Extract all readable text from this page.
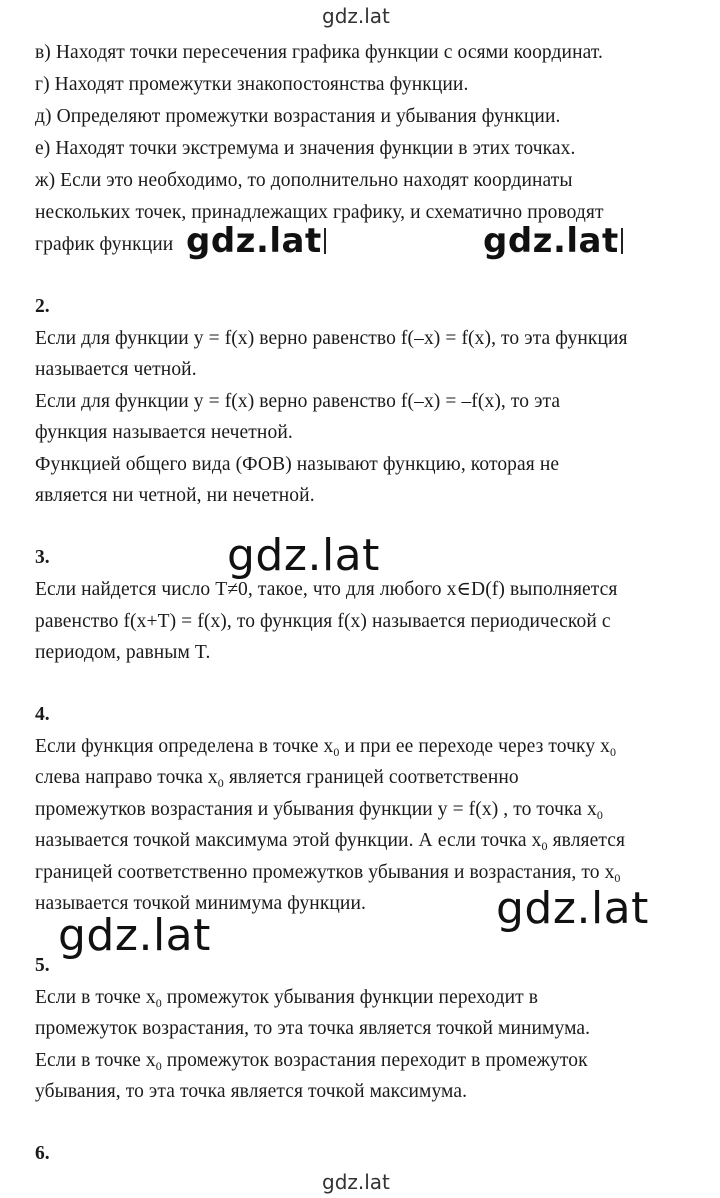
gdz.lat
в) Находят точки пересечения графика функции с осями координат.
г) Находят промежутки знакопостоянства функции.
д) Определяют промежутки возрастания и убывания функции.
е) Находят точки экстремума и значения функции в этих точках.
ж) Если это необходимо, то дополнительно находят координаты
нескольких точек, принадлежащих графику, и схематично проводят
график функции gdz.lat	gdz.lat
2.
Если для функции y = f(x) верно равенство f(–x) = f(x), то эта функция
называется четной.
Если для функции y = f(x) верно равенство f(–x) = –f(x), то эта
функция называется нечетной.
Функцией общего вида (ФОВ) называют функцию, которая не
является ни четной, ни нечетной.
3.	gdz.lat
Если найдется число T≠0, такое, что для любого x∈D(f) выполняется
равенство f(x+T) = f(x), то функция f(x) называется периодической с
периодом, равным T.
4.
Если функция определена в точке $x_0$ и при ее переходе через точку $x_0$
слева направо точка $x_0$ является границей соответственно
промежутков возрастания и убывания функции y = f(x) , то точка $x_0$
называется точкой максимума этой функции. А если точка $x_0$ является
границей соответственно промежутков убывания и возрастания, то $x_0$
называется точкой минимума функции.	gdz.lat
gdz.lat
5.
Если в точке $x_0$ промежуток убывания функции переходит в
промежуток возрастания, то эта точка является точкой минимума.
Если в точке $x_0$ промежуток возрастания переходит в промежуток
убывания, то эта точка является точкой максимума.
6.
gdz.lat
